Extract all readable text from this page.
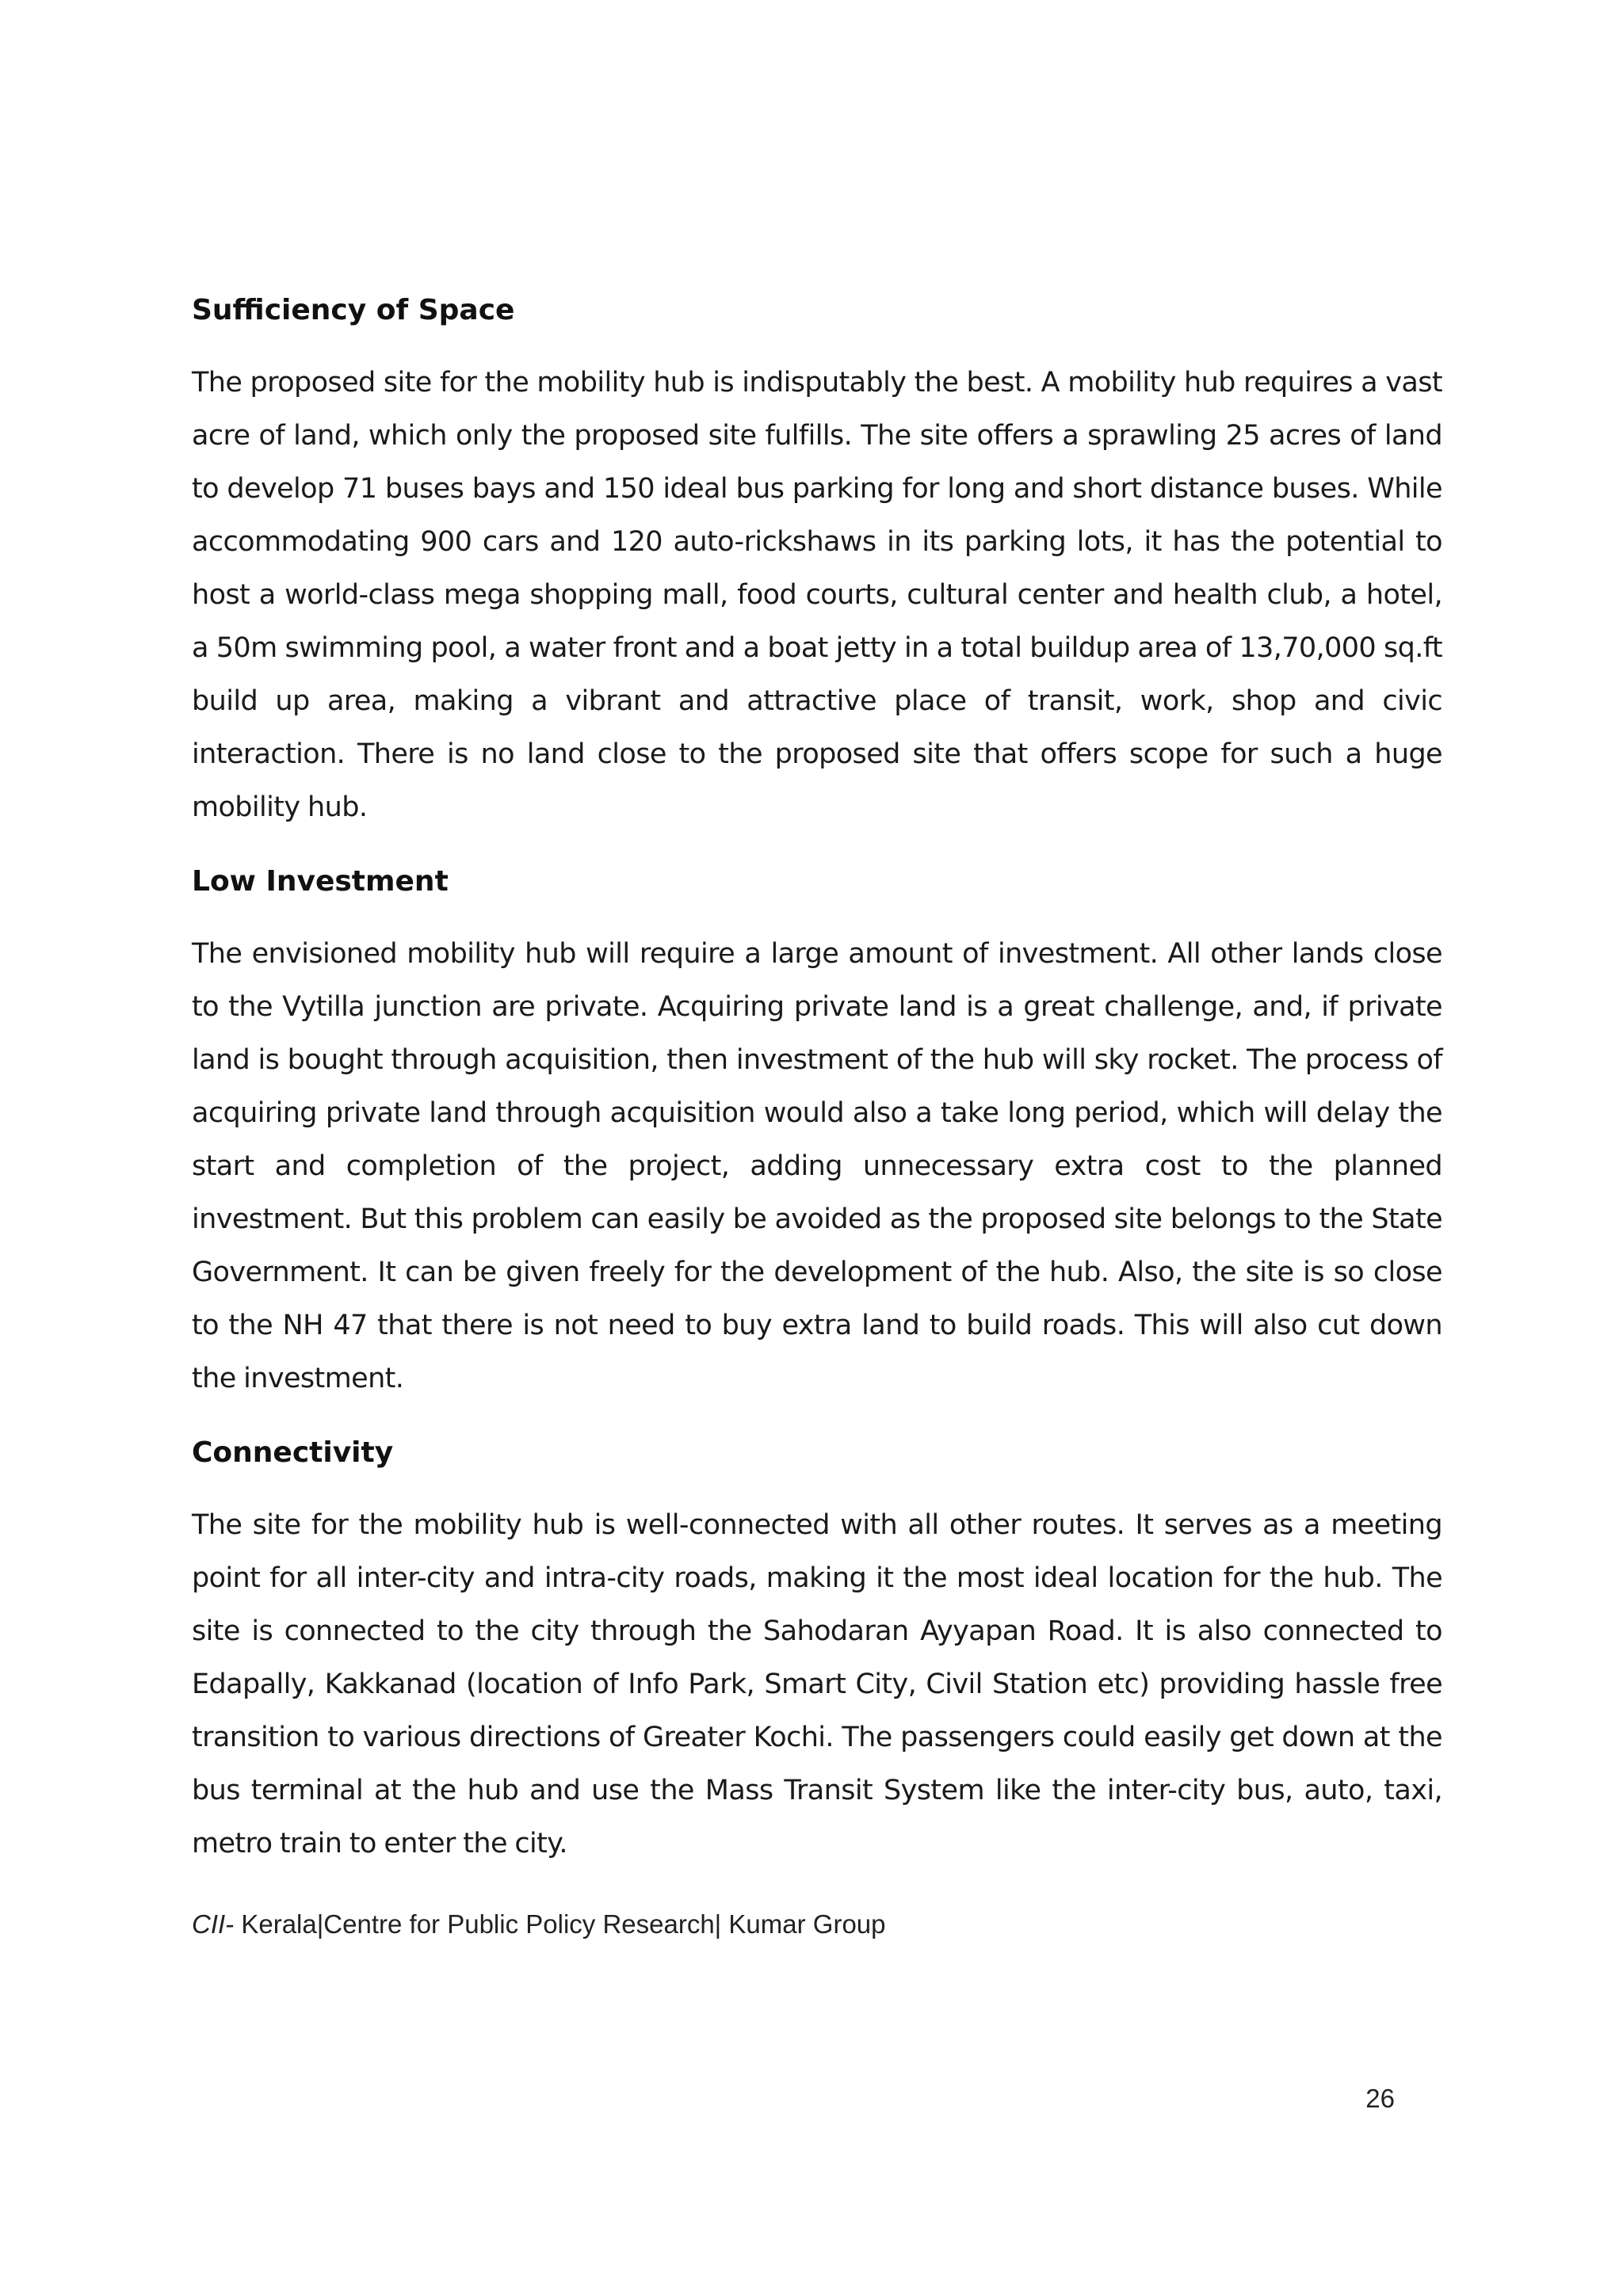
Sufficiency of Space

The proposed site for the mobility hub is indisputably the best. A mobility hub requires a vast acre of land, which only the proposed site fulfills. The site offers a sprawling 25 acres of land to develop 71 buses bays and 150 ideal bus parking for long and short distance buses. While accommodating 900 cars and 120 auto-rickshaws in its parking lots, it has the potential to host a world-class mega shopping mall, food courts, cultural center and health club, a hotel, a 50m swimming pool, a water front and a boat jetty in a total buildup area of 13,70,000 sq.ft build up area, making a vibrant and attractive place of transit, work, shop and civic interaction. There is no land close to the proposed site that offers scope for such a huge mobility hub.

Low Investment

The envisioned mobility hub will require a large amount of investment. All other lands close to the Vytilla junction are private. Acquiring private land is a great challenge, and, if private land is bought through acquisition, then investment of the hub will sky rocket. The process of acquiring private land through acquisition would also a take long period, which will delay the start and completion of the project, adding unnecessary extra cost to the planned investment. But this problem can easily be avoided as the proposed site belongs to the State Government. It can be given freely for the development of the hub. Also, the site is so close to the NH 47 that there is not need to buy extra land to build roads. This will also cut down the investment.

Connectivity

The site for the mobility hub is well-connected with all other routes. It serves as a meeting point for all inter-city and intra-city roads, making it the most ideal location for the hub. The site is connected to the city through the Sahodaran Ayyapan Road. It is also connected to Edapally, Kakkanad (location of Info Park, Smart City, Civil Station etc) providing hassle free transition to various directions of Greater Kochi. The passengers could easily get down at the bus terminal at the hub and use the Mass Transit System like the inter-city bus, auto, taxi, metro train to enter the city.

CII- Kerala|Centre for Public Policy Research| Kumar Group
26
